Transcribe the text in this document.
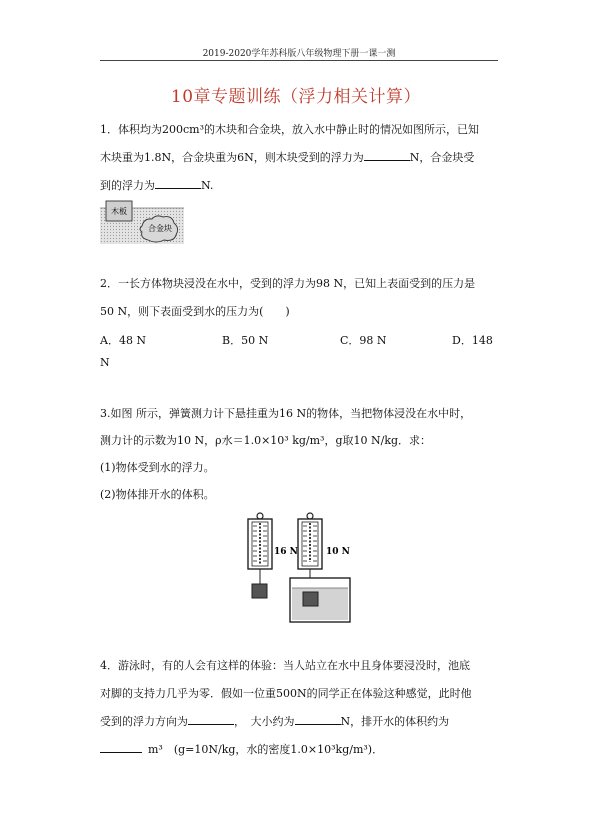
2019-2020学年苏科版八年级物理下册一课一测
10章专题训练（浮力相关计算）
1．体积均为200cm³的木块和合金块，放入水中静止时的情况如图所示，已知
木块重为1.8N，合金块重为6N，则木块受到的浮力为	N，合金块受
到的浮力为	N.
木板
合金块
2．一长方体物块浸没在水中，受到的浮力为98 N，已知上表面受到的压力是
50 N，则下表面受到水的压力为(　　)
A．48 N	B．50 N	C．98 N	D．148
N
3.如图 所示，弹簧测力计下悬挂重为16 N的物体，当把物体浸没在水中时，
测力计的示数为10 N，ρ水＝1.0×10³ kg/m³，g取10 N/kg．求：
(1)物体受到水的浮力。
(2)物体排开水的体积。
16 N	10 N
4．游泳时，有的人会有这样的体验：当人站立在水中且身体要浸没时，池底
对脚的支持力几乎为零．假如一位重500N的同学正在体验这种感觉，此时他
受到的浮力方向为	，　大小约为	N，排开水的体积约为
m³　(g=10N/kg，水的密度1.0×10³kg/m³)．
